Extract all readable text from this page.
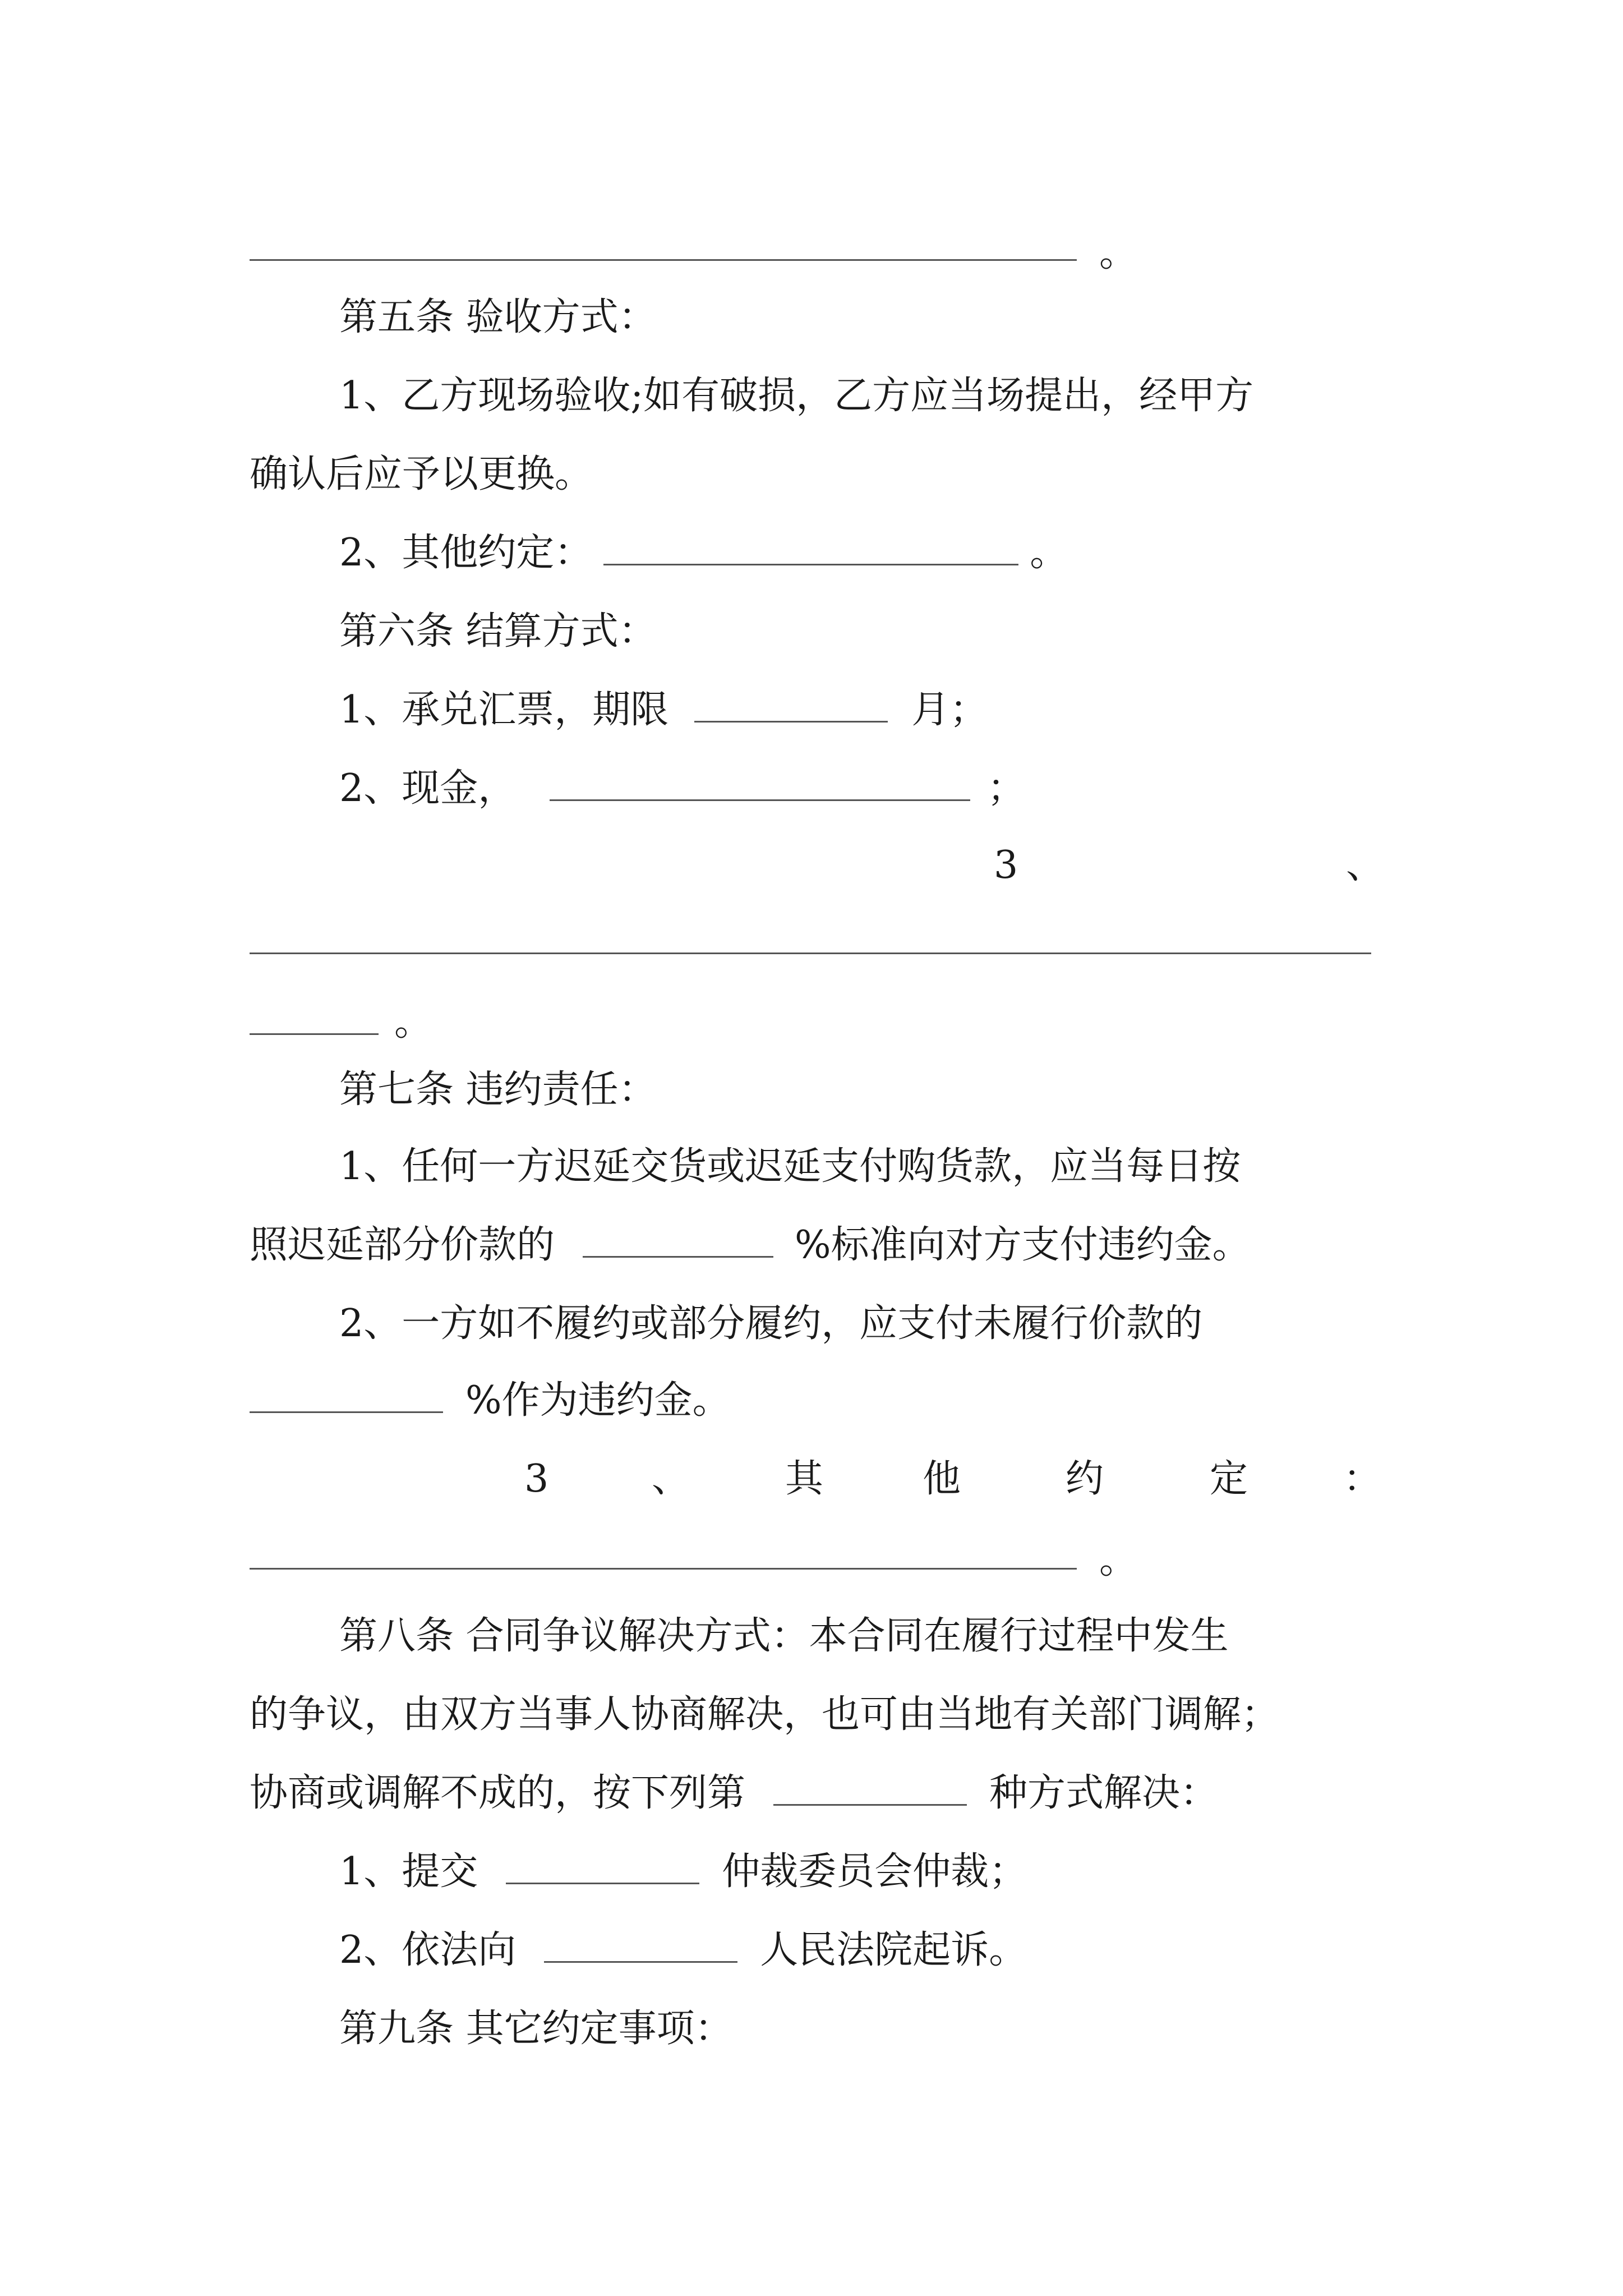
。
第五条 验收方式：
1、乙方现场验收;如有破损，乙方应当场提出，经甲方
确认后应予以更换。
2、其他约定：	。
第六条 结算方式：
1、承兑汇票，期限	月；
2、现金，	；
3	、
。
第七条 违约责任：
1、任何一方迟延交货或迟延支付购货款，应当每日按
照迟延部分价款的	%标准向对方支付违约金。
2、一方如不履约或部分履约，应支付未履行价款的
%作为违约金。
3	、 其	他	约	定 ：
。
第八条 合同争议解决方式：本合同在履行过程中发生
的争议，由双方当事人协商解决，也可由当地有关部门调解；
协商或调解不成的，按下列第	种方式解决：
1、提交	仲裁委员会仲裁；
2、依法向	人民法院起诉。
第九条 其它约定事项：
